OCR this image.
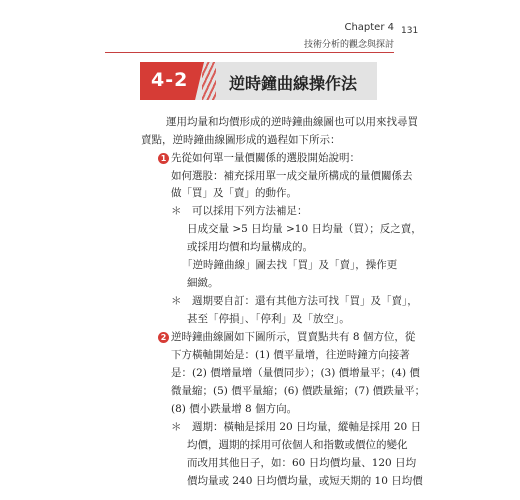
Chapter 4
技術分析的觀念與探討
131
4-2	逆時鐘曲線操作法
運用均量和均價形成的逆時鐘曲線圖也可以用來找尋買
賣點，逆時鐘曲線圖形成的過程如下所示：
1 先從如何單一量價關係的選股開始說明：
如何選股：補充採用單一成交量所構成的量價關係去
做「買」及「賣」的動作。
＊　可以採用下列方法補足：
日成交量 >5 日均量 >10 日均量（買）；反之賣，
或採用均價和均量構成的。
「逆時鐘曲線」圖去找「買」及「賣」，操作更
細緻。
＊　週期要自訂：還有其他方法可找「買」及「賣」，
甚至「停損」、「停利」及「放空」。
2 逆時鐘曲線圖如下圖所示，買賣點共有 8 個方位，從
下方橫軸開始是：(1) 價平量增，往逆時鐘方向接著
是：(2) 價增量增（量價同步）；(3) 價增量平；(4) 價
微量縮；(5) 價平量縮；(6) 價跌量縮；(7) 價跌量平；
(8) 價小跌量增 8 個方向。
＊　週期：橫軸是採用 20 日均量，縱軸是採用 20 日
均價，週期的採用可依個人和指數或價位的變化
而改用其他日子，如：60 日均價均量、120 日均
價均量或 240 日均價均量，或短天期的 10 日均價
